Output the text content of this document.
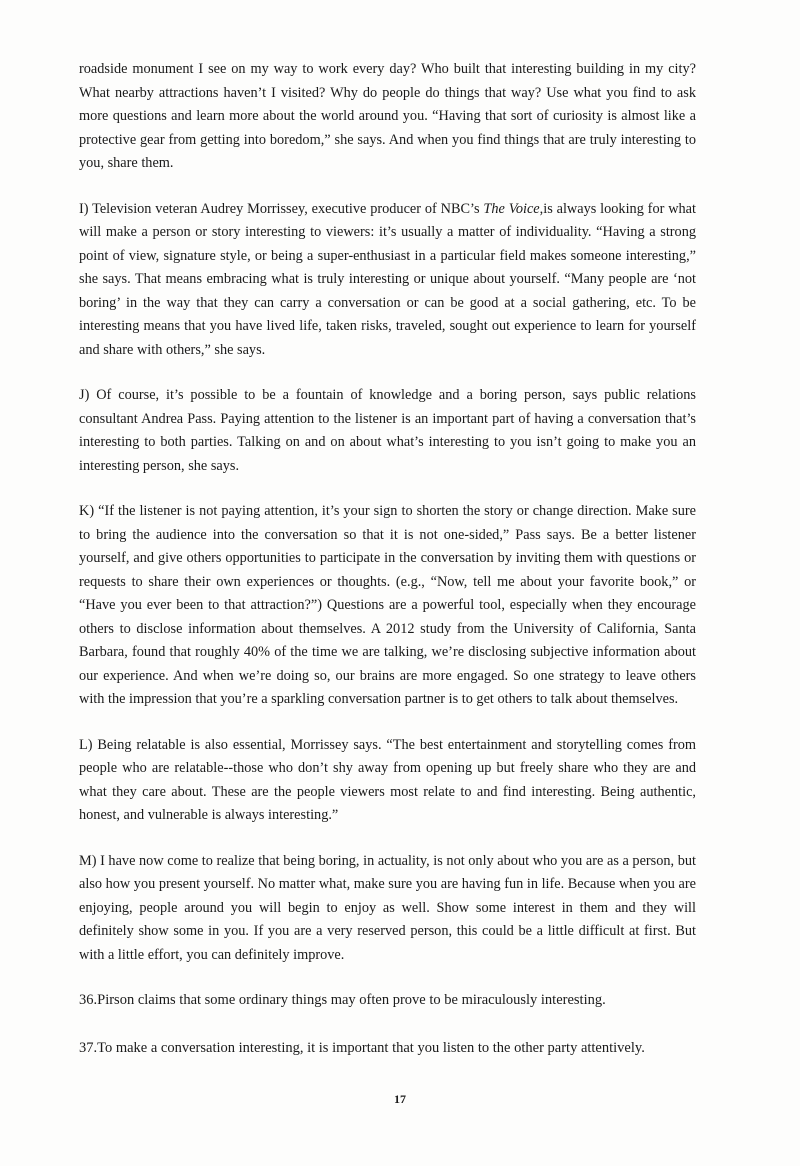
roadside monument I see on my way to work every day? Who built that interesting building in my city? What nearby attractions haven’t I visited? Why do people do things that way? Use what you find to ask more questions and learn more about the world around you. “Having that sort of curiosity is almost like a protective gear from getting into boredom,” she says. And when you find things that are truly interesting to you, share them.

I) Television veteran Audrey Morrissey, executive producer of NBC’s The Voice,is always looking for what will make a person or story interesting to viewers: it’s usually a matter of individuality. “Having a strong point of view, signature style, or being a super-enthusiast in a particular field makes someone interesting,” she says. That means embracing what is truly interesting or unique about yourself. “Many people are ‘not boring’ in the way that they can carry a conversation or can be good at a social gathering, etc. To be interesting means that you have lived life, taken risks, traveled, sought out experience to learn for yourself and share with others,” she says.

J) Of course, it’s possible to be a fountain of knowledge and a boring person, says public relations consultant Andrea Pass. Paying attention to the listener is an important part of having a conversation that’s interesting to both parties. Talking on and on about what’s interesting to you isn’t going to make you an interesting person, she says.

K) “If the listener is not paying attention, it’s your sign to shorten the story or change direction. Make sure to bring the audience into the conversation so that it is not one-sided,” Pass says. Be a better listener yourself, and give others opportunities to participate in the conversation by inviting them with questions or requests to share their own experiences or thoughts. (e.g., “Now, tell me about your favorite book,” or “Have you ever been to that attraction?”) Questions are a powerful tool, especially when they encourage others to disclose information about themselves. A 2012 study from the University of California, Santa Barbara, found that roughly 40% of the time we are talking, we’re disclosing subjective information about our experience. And when we’re doing so, our brains are more engaged. So one strategy to leave others with the impression that you’re a sparkling conversation partner is to get others to talk about themselves.

L) Being relatable is also essential, Morrissey says. “The best entertainment and storytelling comes from people who are relatable--those who don’t shy away from opening up but freely share who they are and what they care about. These are the people viewers most relate to and find interesting. Being authentic, honest, and vulnerable is always interesting.”

M) I have now come to realize that being boring, in actuality, is not only about who you are as a person, but also how you present yourself. No matter what, make sure you are having fun in life. Because when you are enjoying, people around you will begin to enjoy as well. Show some interest in them and they will definitely show some in you. If you are a very reserved person, this could be a little difficult at first. But with a little effort, you can definitely improve.

36.Pirson claims that some ordinary things may often prove to be miraculously interesting.

37.To make a conversation interesting, it is important that you listen to the other party attentively.

17
